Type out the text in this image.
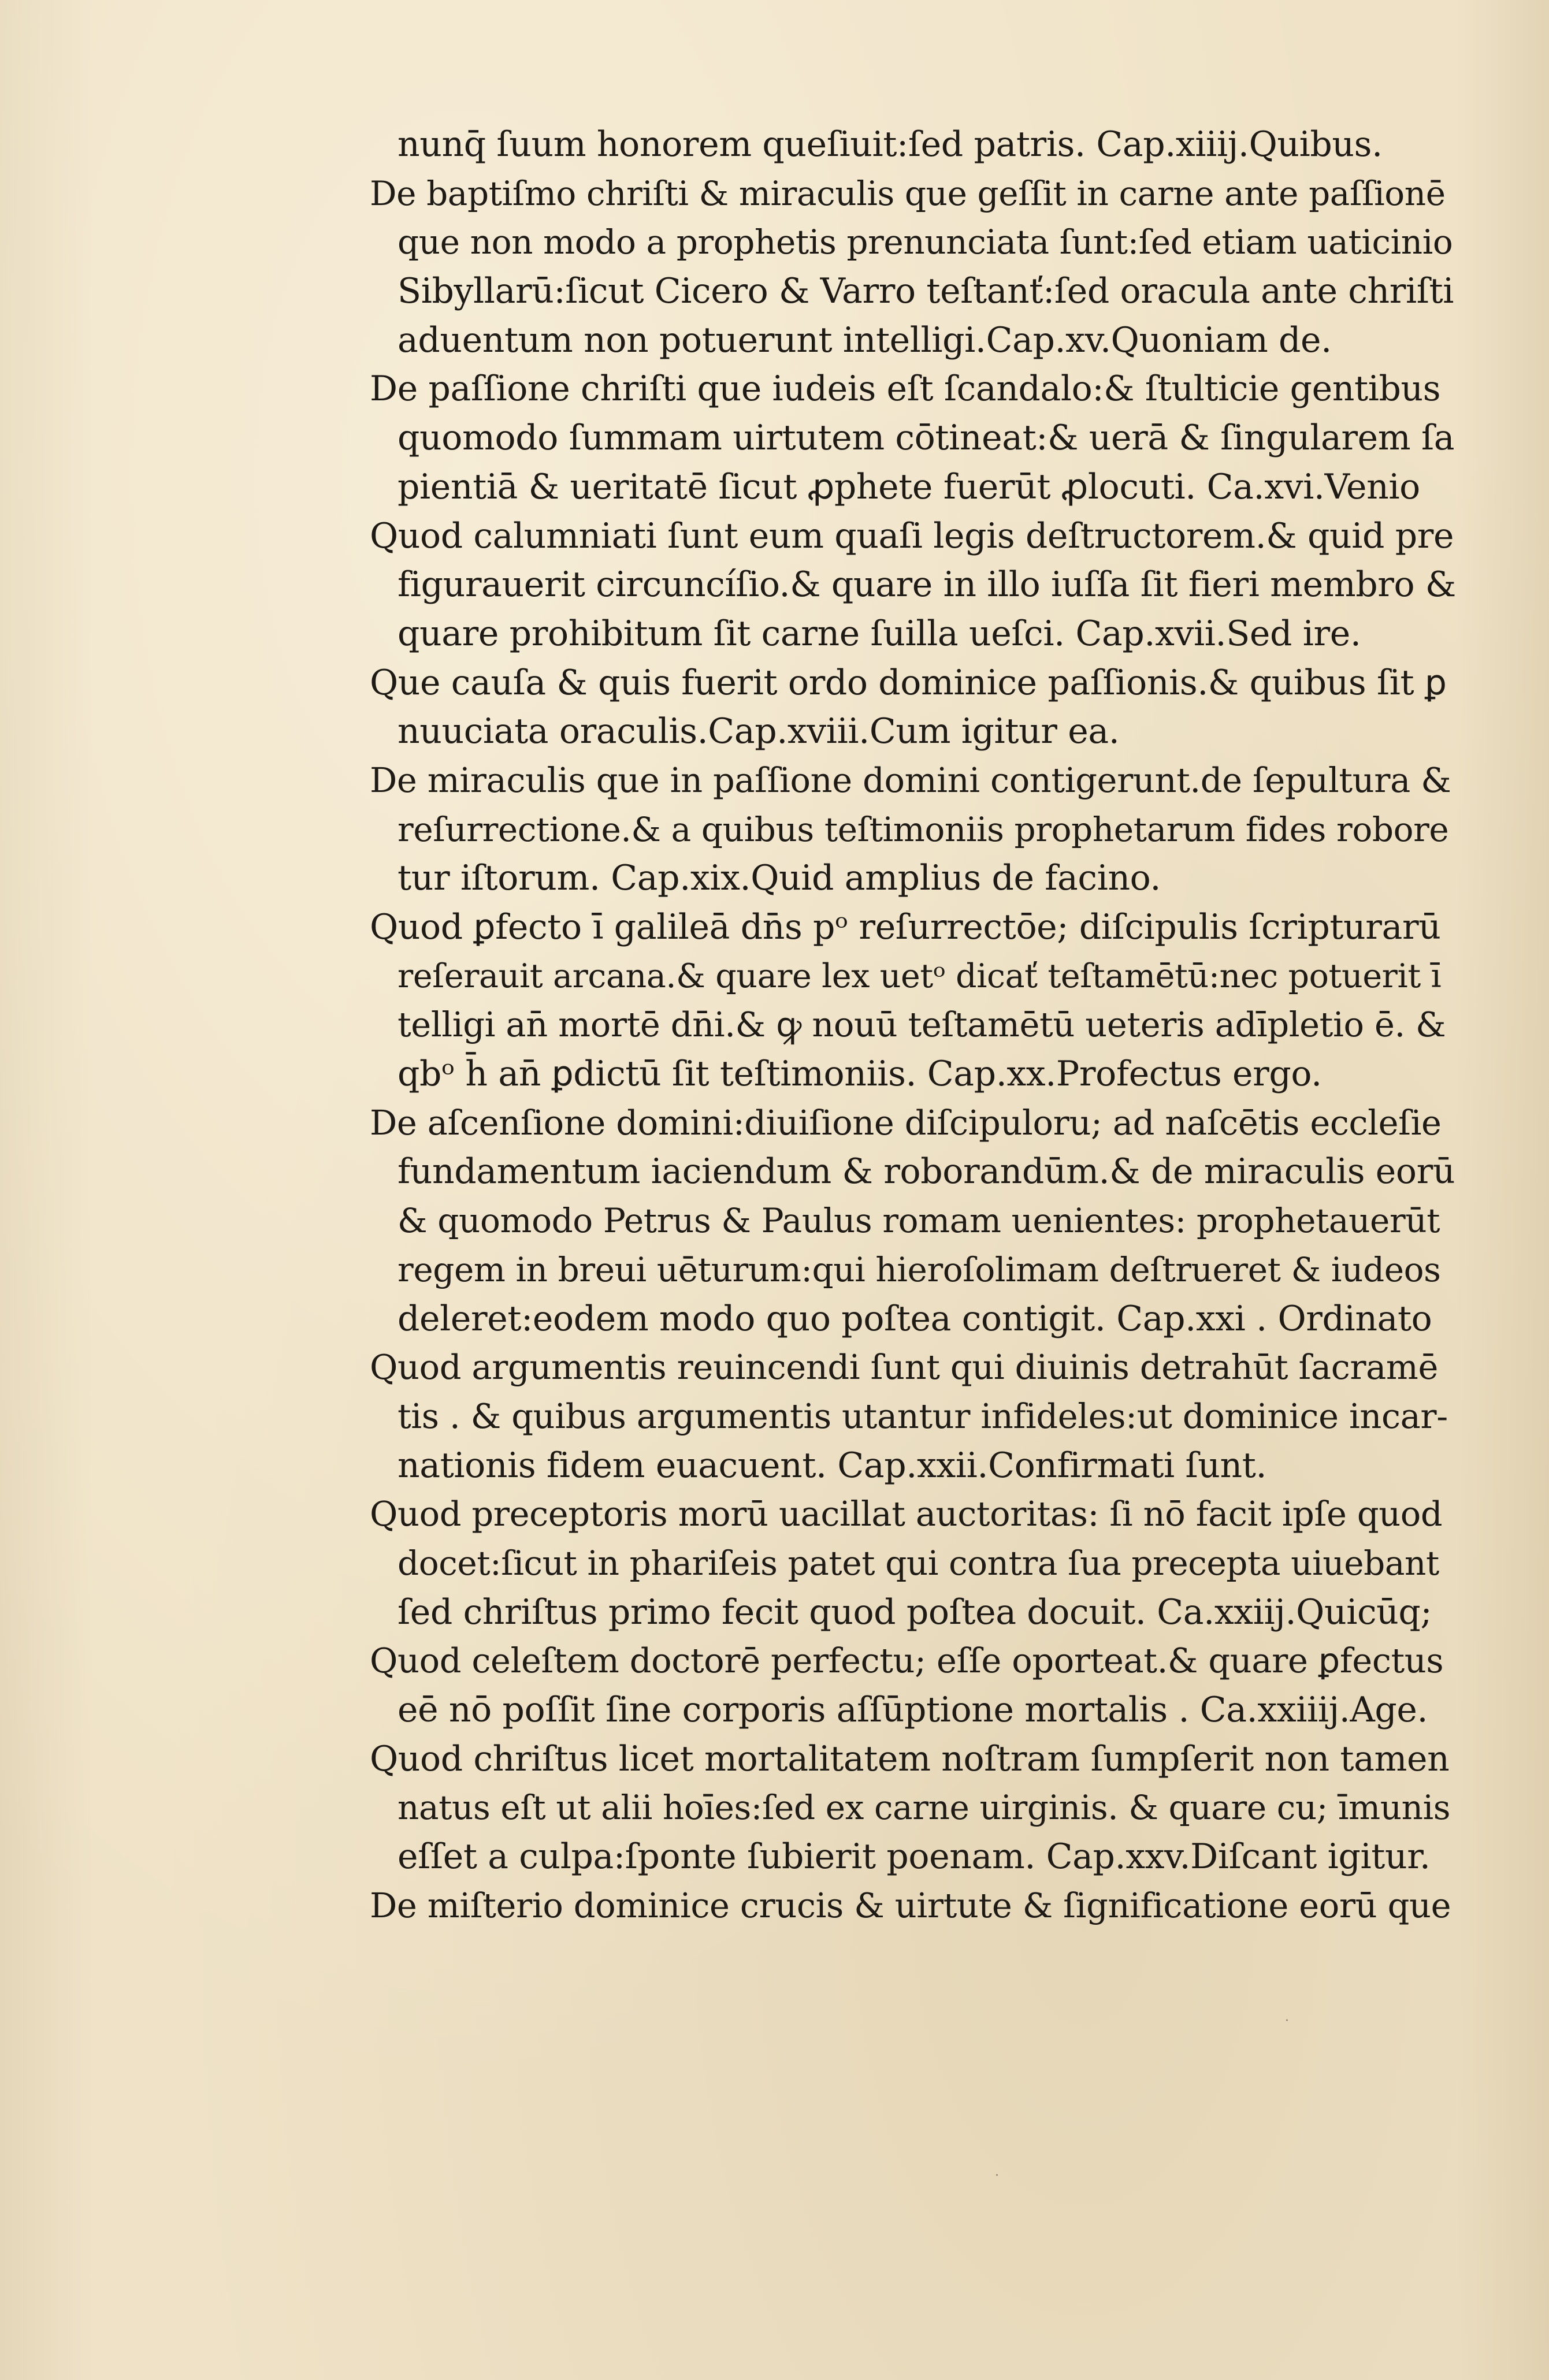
nunq̄ ſuum honorem queſiuit:ſed patris. Cap.xiiij.Quibus.
De baptiſmo chriſti & miraculis que geſſit in carne ante paſſionē
que non modo a prophetis prenunciata ſunt:ſed etiam uaticinio
Sibyllarū:ſicut Cicero & Varro teſtanť:ſed oracula ante chriſti
aduentum non potuerunt intelligi.Cap.xv.Quoniam de.
De paſſione chriſti que iudeis eſt ſcandalo:& ſtulticie gentibus
quomodo ſummam uirtutem cōtineat:& uerā & ſingularem ſa
pientiā & ueritatē ſicut ꝓphete fuerūt ꝓlocuti. Ca.xvi.Venio
Quod calumniati ſunt eum quaſi legis deſtructorem.& quid pre
figurauerit circuncíſio.& quare in illo iuſſa ſit fieri membro &
quare prohibitum ſit carne ſuilla ueſci. Cap.xvii.Sed ire.
Que cauſa & quis fuerit ordo dominice paſſionis.& quibus ſit ꝑ
nuuciata oraculis.Cap.xviii.Cum igitur ea.
De miraculis que in paſſione domini contigerunt.de ſepultura &
reſurrectione.& a quibus teſtimoniis prophetarum fides robore
tur iſtorum. Cap.xix.Quid amplius de facino.
Quod ꝑfecto ī galileā dn̄s pᵒ reſurrectōe; diſcipulis ſcripturarū
reſerauit arcana.& quare lex uetᵒ dicať teſtamētū:nec potuerit ī
telligi an̄ mortē dn̄i.& ꝙ nouū teſtamētū ueteris adīpletio ē. &
qbᵒ h̄ an̄ ꝑdictū ſit teſtimoniis. Cap.xx.Profectus ergo.
De aſcenſione domini:diuiſione diſcipuloru; ad naſcētis eccleſie
fundamentum iaciendum & roborandūm.& de miraculis eorū
& quomodo Petrus & Paulus romam uenientes: prophetauerūt
regem in breui uēturum:qui hieroſolimam deſtrueret & iudeos
deleret:eodem modo quo poſtea contigit. Cap.xxi . Ordinato
Quod argumentis reuincendi ſunt qui diuinis detrahūt ſacramē
tis . & quibus argumentis utantur infideles:ut dominice incar-
nationis fidem euacuent. Cap.xxii.Confirmati ſunt.
Quod preceptoris morū uacillat auctoritas: ſi nō facit ipſe quod
docet:ſicut in phariſeis patet qui contra ſua precepta uiuebant
ſed chriſtus primo fecit quod poſtea docuit. Ca.xxiij.Quicūq;
Quod celeſtem doctorē perfectu; eſſe oporteat.& quare ꝑfectus
eē nō poſſit ſine corporis aſſūptione mortalis . Ca.xxiiij.Age.
Quod chriſtus licet mortalitatem noſtram ſumpſerit non tamen
natus eſt ut alii hoīes:ſed ex carne uirginis. & quare cu; īmunis
eſſet a culpa:ſponte ſubierit poenam. Cap.xxv.Diſcant igitur.
De miſterio dominice crucis & uirtute & ſignificatione eorū que
·
·
